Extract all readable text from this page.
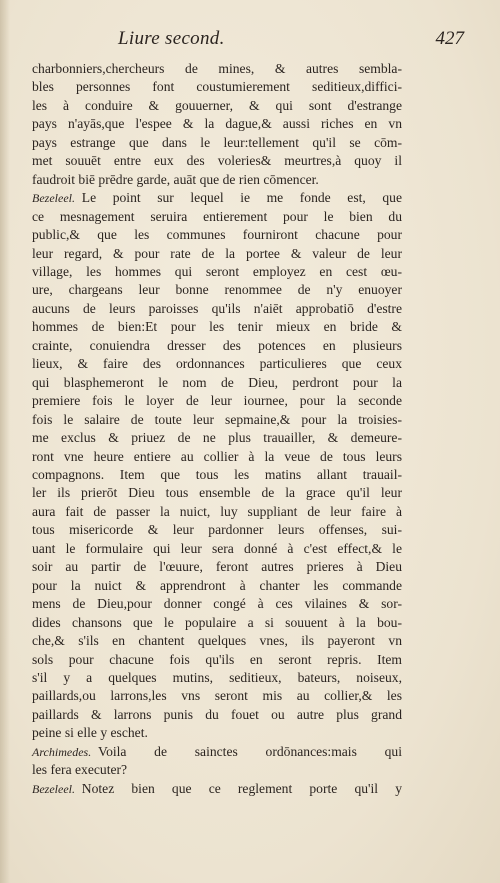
Liure second.	427
charbonniers,chercheurs de mines, & autres sembla-
bles personnes font coustumierement seditieux,diffici-
les à conduire & gouuerner, & qui sont d'estrange
pays n'ayās,que l'espee & la dague,& aussi riches en vn
pays estrange que dans le leur:tellement qu'il se cōm-
met souuēt entre eux des voleries& meurtres,à quoy il
faudroit biē prēdre garde, auāt que de rien cōmencer.
Bezeleel.  Le point sur lequel ie me fonde est, que
ce mesnagement seruira entierement pour le bien du
public,& que les communes fourniront chacune pour
leur regard, & pour rate de la portee & valeur de leur
village, les hommes qui seront employez en cest œu-
ure, chargeans leur bonne renommee de n'y enuoyer
aucuns de leurs paroisses qu'ils n'aiēt approbatiō d'estre
hommes de bien:Et pour les tenir mieux en bride &
crainte, conuiendra dresser des potences en plusieurs
lieux, & faire des ordonnances particulieres que ceux
qui blasphemeront le nom de Dieu, perdront pour la
premiere fois le loyer de leur iournee, pour la seconde
fois le salaire de toute leur sepmaine,& pour la troisies-
me exclus & priuez de ne plus trauailler, & demeure-
ront vne heure entiere au collier à la veue de tous leurs
compagnons. Item que tous les matins allant trauail-
ler ils prierōt Dieu tous ensemble de la grace qu'il leur
aura fait de passer la nuict, luy suppliant de leur faire à
tous misericorde & leur pardonner leurs offenses, sui-
uant le formulaire qui leur sera donné à c'est effect,& le
soir au partir de l'œuure, feront autres prieres à Dieu
pour la nuict & apprendront à chanter les commande
mens de Dieu,pour donner congé à ces vilaines & sor-
dides chansons que le populaire a si souuent à la bou-
che,& s'ils en chantent quelques vnes, ils payeront vn
sols pour chacune fois qu'ils en seront repris. Item
s'il y a quelques mutins, seditieux, bateurs, noiseux,
paillards,ou larrons,les vns seront mis au collier,& les
paillards & larrons punis du fouet ou autre plus grand
peine si elle y eschet.
Archimedes.  Voila de sainctes ordōnances:mais qui
les fera executer?
Bezeleel.  Notez bien que ce reglement porte qu'il y
